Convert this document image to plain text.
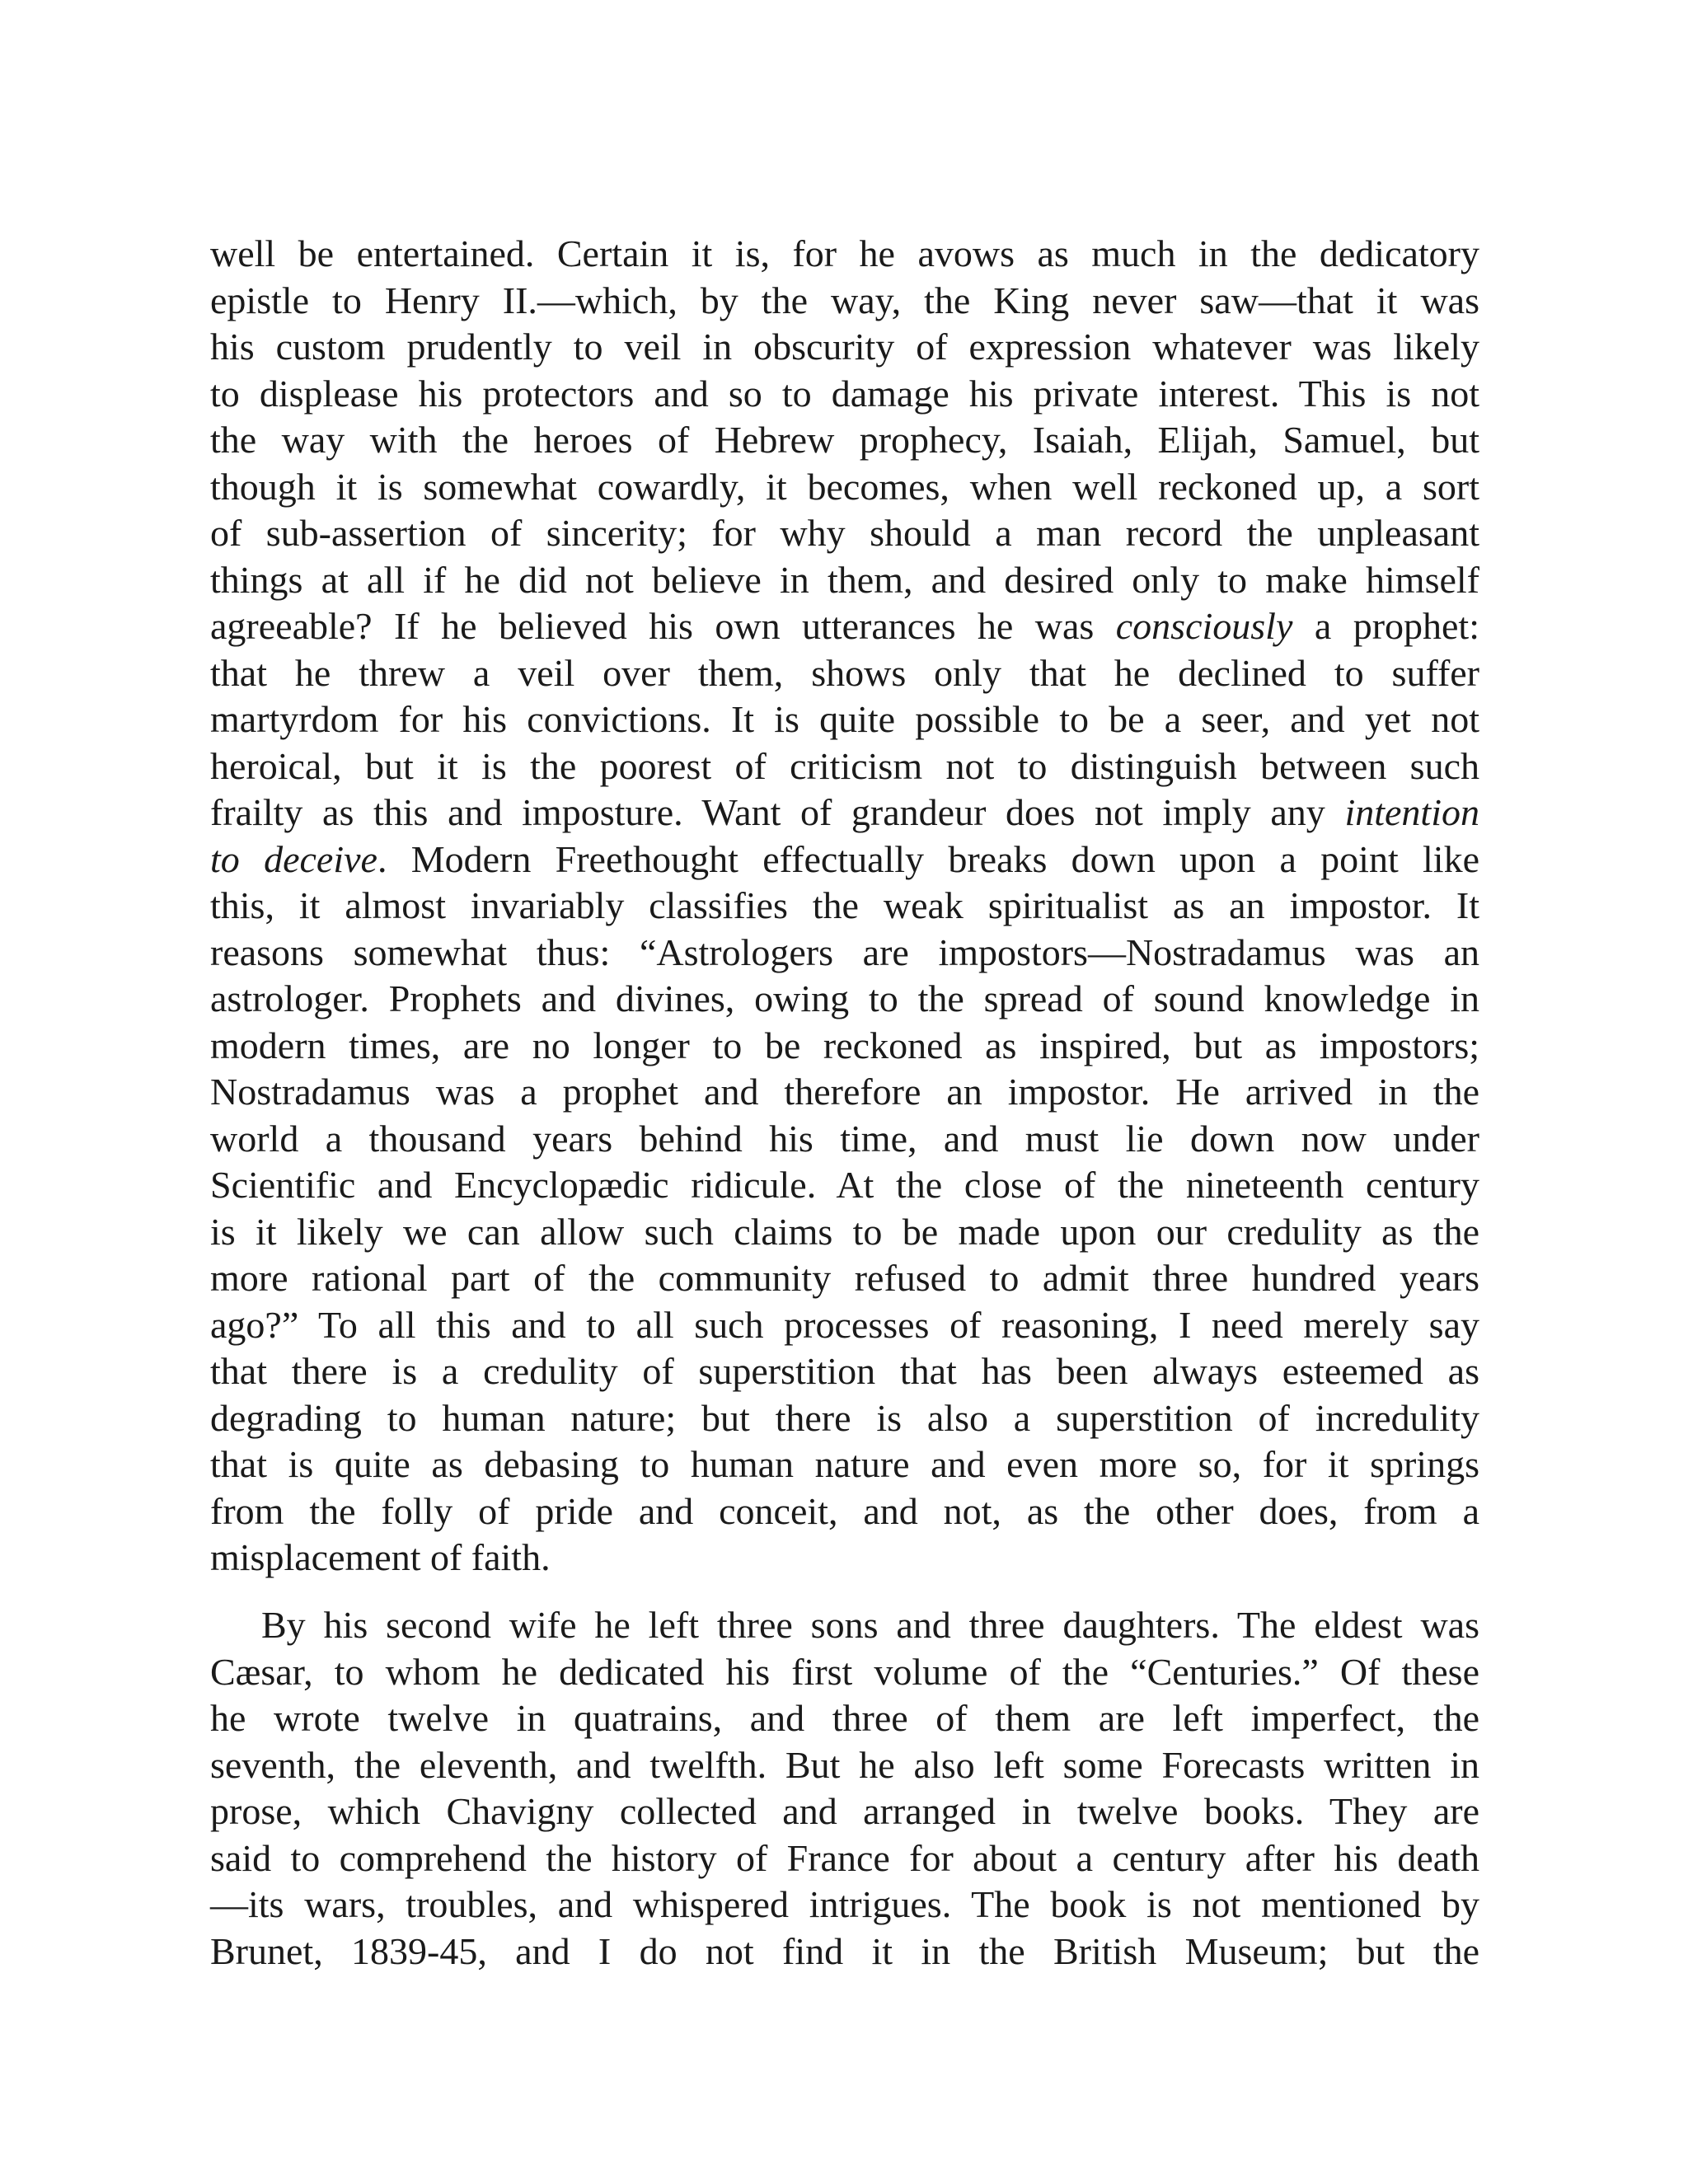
well be entertained. Certain it is, for he avows as much in the dedicatory
epistle to Henry II.—which, by the way, the King never saw—that it was
his custom prudently to veil in obscurity of expression whatever was likely
to displease his protectors and so to damage his private interest. This is not
the way with the heroes of Hebrew prophecy, Isaiah, Elijah, Samuel, but
though it is somewhat cowardly, it becomes, when well reckoned up, a sort
of sub-assertion of sincerity; for why should a man record the unpleasant
things at all if he did not believe in them, and desired only to make himself
agreeable? If he believed his own utterances he was consciously a prophet:
that he threw a veil over them, shows only that he declined to suffer
martyrdom for his convictions. It is quite possible to be a seer, and yet not
heroical, but it is the poorest of criticism not to distinguish between such
frailty as this and imposture. Want of grandeur does not imply any intention
to deceive. Modern Freethought effectually breaks down upon a point like
this, it almost invariably classifies the weak spiritualist as an impostor. It
reasons somewhat thus: “Astrologers are impostors—Nostradamus was an
astrologer. Prophets and divines, owing to the spread of sound knowledge in
modern times, are no longer to be reckoned as inspired, but as impostors;
Nostradamus was a prophet and therefore an impostor. He arrived in the
world a thousand years behind his time, and must lie down now under
Scientific and Encyclopædic ridicule. At the close of the nineteenth century
is it likely we can allow such claims to be made upon our credulity as the
more rational part of the community refused to admit three hundred years
ago?” To all this and to all such processes of reasoning, I need merely say
that there is a credulity of superstition that has been always esteemed as
degrading to human nature; but there is also a superstition of incredulity
that is quite as debasing to human nature and even more so, for it springs
from the folly of pride and conceit, and not, as the other does, from a
misplacement of faith.
By his second wife he left three sons and three daughters. The eldest was
Cæsar, to whom he dedicated his first volume of the “Centuries.” Of these
he wrote twelve in quatrains, and three of them are left imperfect, the
seventh, the eleventh, and twelfth. But he also left some Forecasts written in
prose, which Chavigny collected and arranged in twelve books. They are
said to comprehend the history of France for about a century after his death
—its wars, troubles, and whispered intrigues. The book is not mentioned by
Brunet, 1839-45, and I do not find it in the British Museum; but the
